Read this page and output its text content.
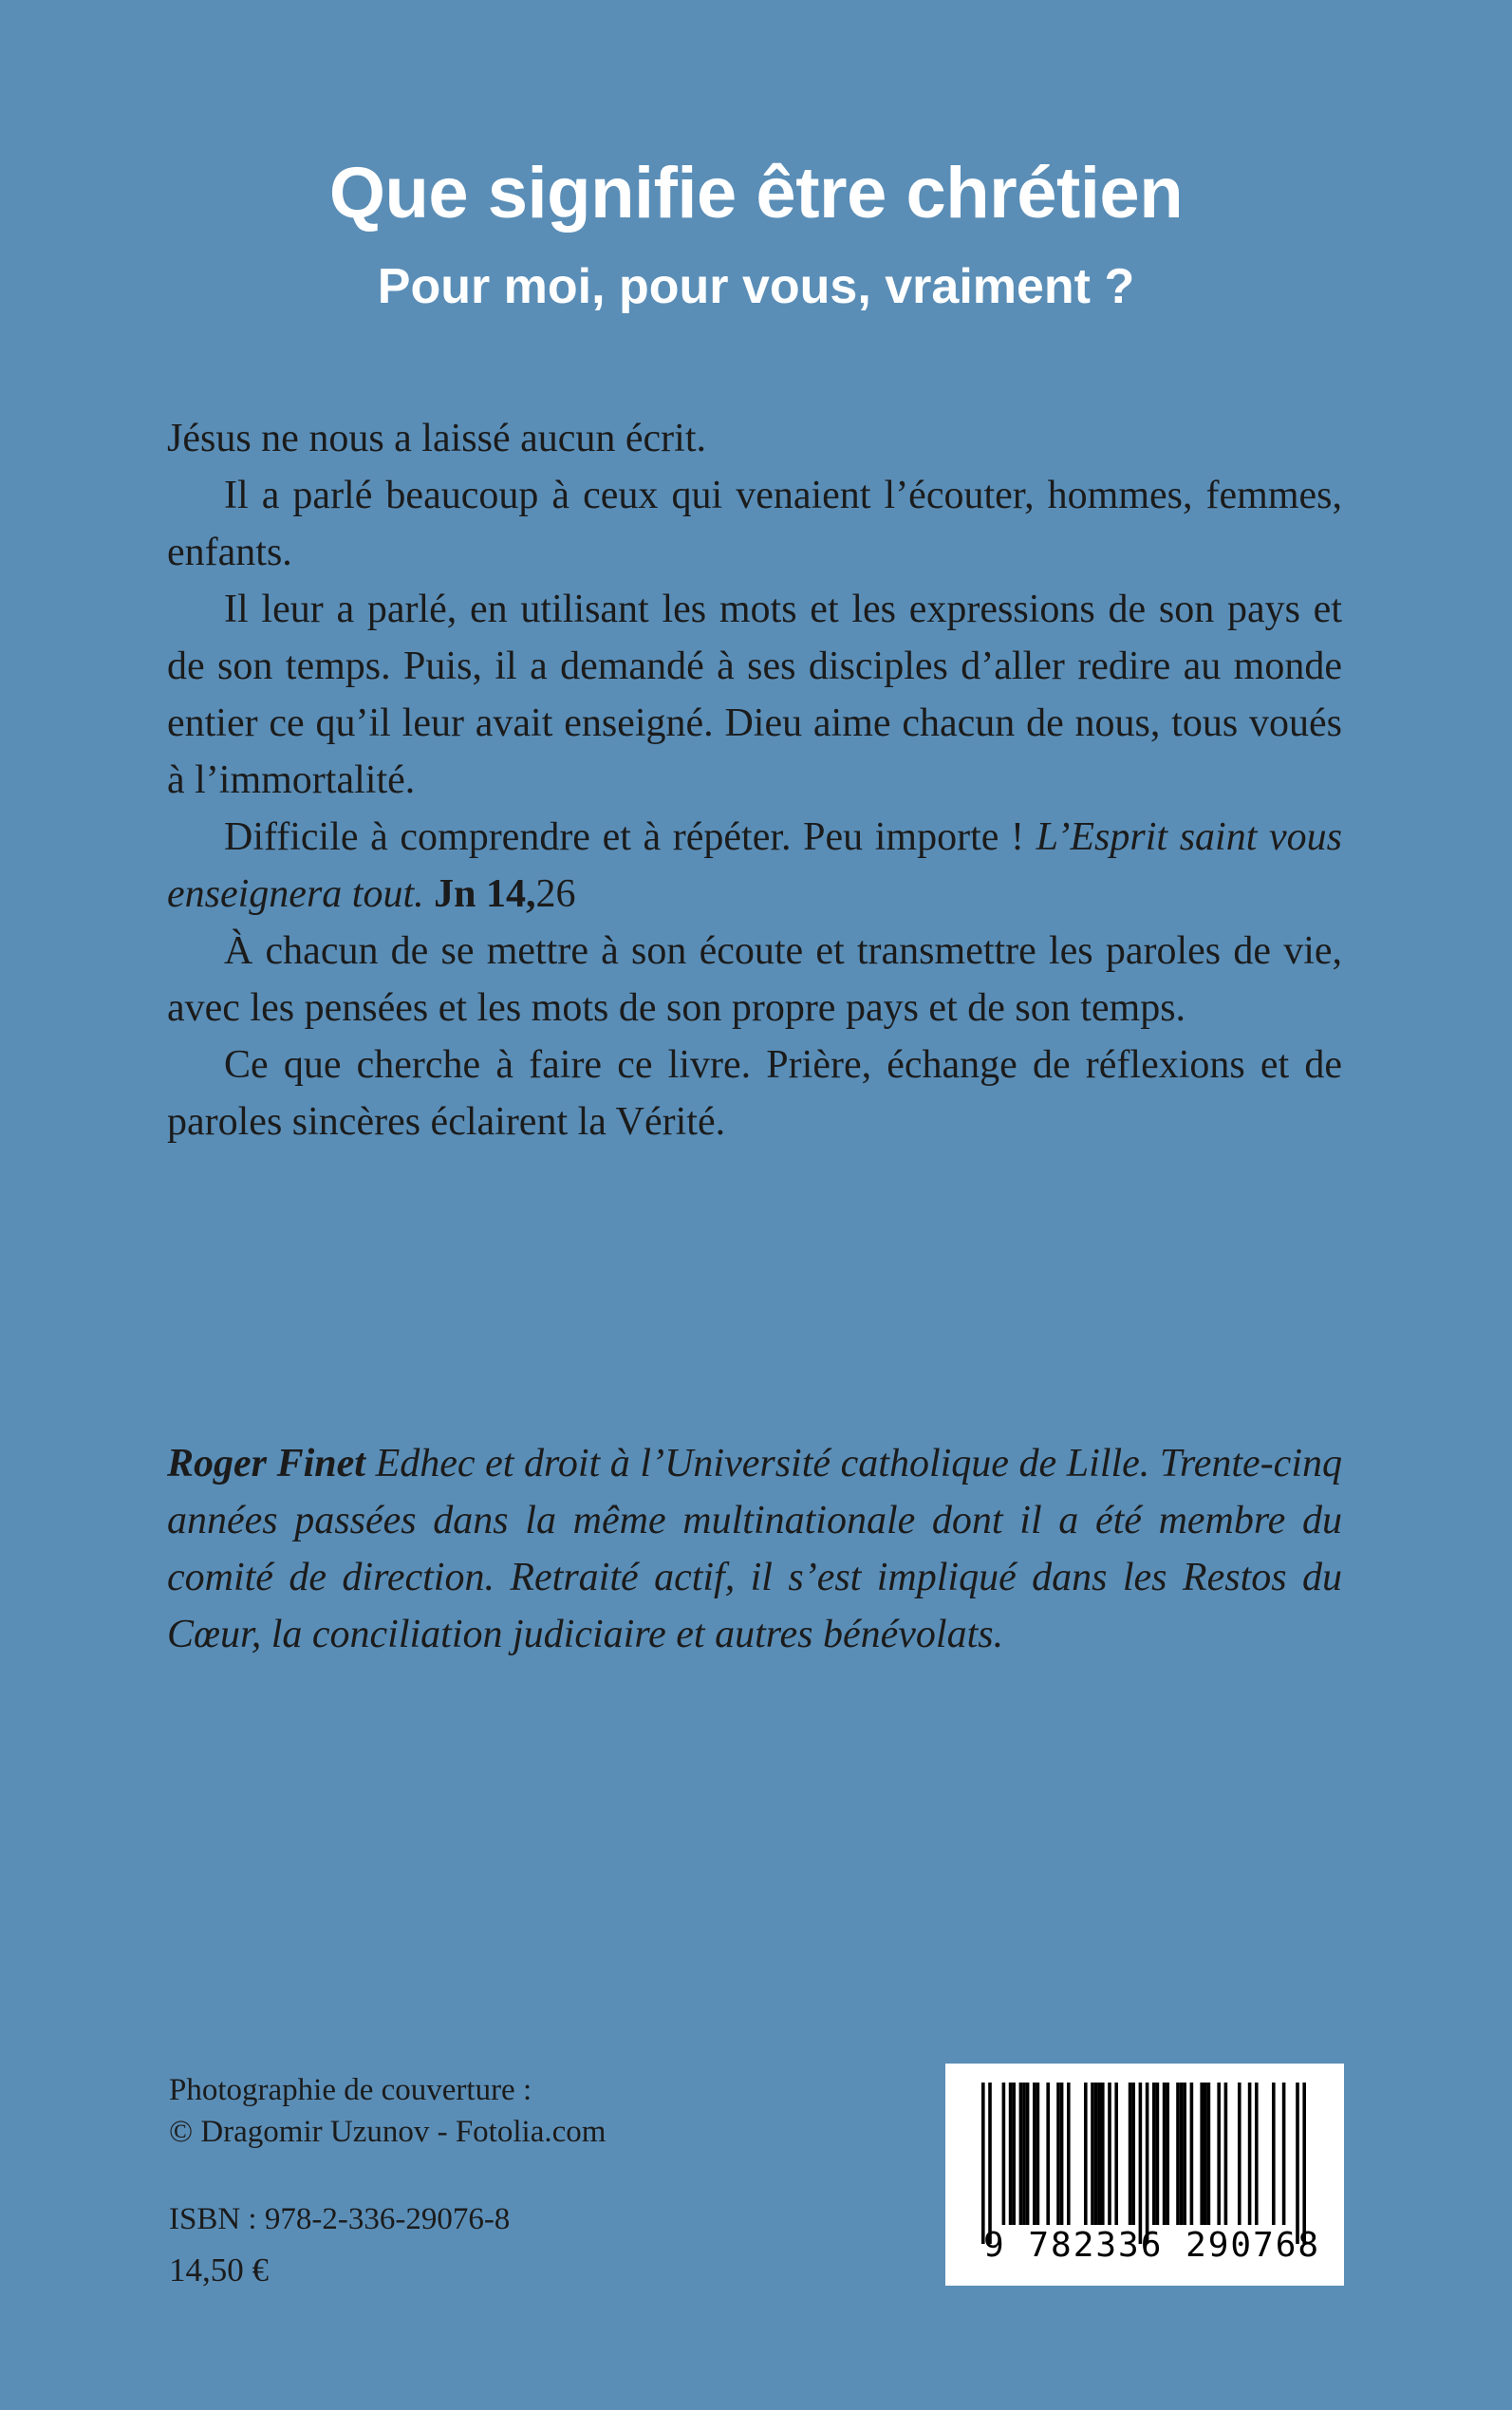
Que signifie être chrétien
Pour moi, pour vous, vraiment ?

Jésus ne nous a laissé aucun écrit.

Il a parlé beaucoup à ceux qui venaient l’écouter, hommes, femmes, enfants.

Il leur a parlé, en utilisant les mots et les expressions de son pays et de son temps. Puis, il a demandé à ses disciples d’aller redire au monde entier ce qu’il leur avait enseigné. Dieu aime chacun de nous, tous voués à l’immortalité.

Difficile à comprendre et à répéter. Peu importe ! L’Esprit saint vous enseignera tout. Jn 14,26

À chacun de se mettre à son écoute et transmettre les paroles de vie, avec les pensées et les mots de son propre pays et de son temps.

Ce que cherche à faire ce livre. Prière, échange de réflexions et de paroles sincères éclairent la Vérité.

Roger Finet Edhec et droit à l’Université catholique de Lille. Trente-cinq années passées dans la même multinationale dont il a été membre du comité de direction. Retraité actif, il s’est impliqué dans les Restos du Cœur, la conciliation judiciaire et autres bénévolats.

Photographie de couverture :
© Dragomir Uzunov - Fotolia.com
ISBN : 978-2-336-29076-8
14,50 €
9 782336 290768
